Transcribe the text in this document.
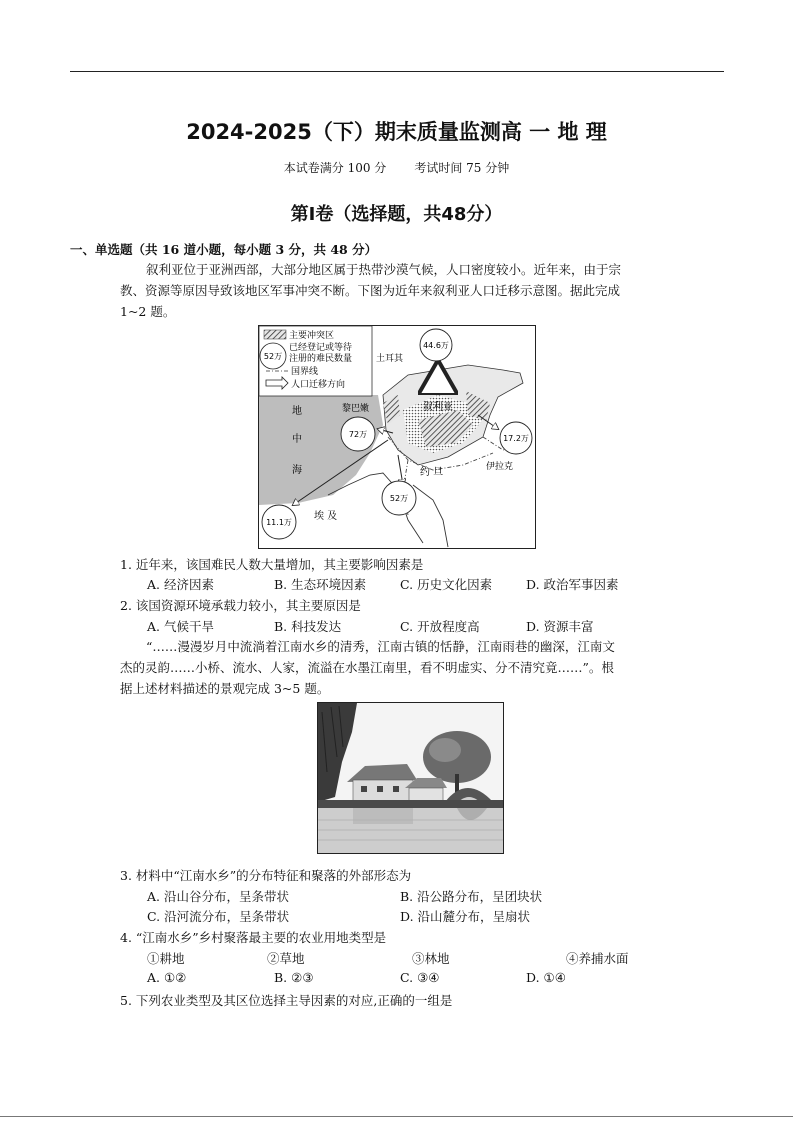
2024-2025（下）期末质量监测高 一 地 理
本试卷满分 100 分 考试时间 75 分钟
第Ⅰ卷（选择题，共48分）
一、单选题（共 16 道小题，每小题 3 分，共 48 分）

叙利亚位于亚洲西部，大部分地区属于热带沙漠气候，人口密度较小。近年来，由于宗

教、资源等原因导致该地区军事冲突不断。下图为近年来叙利亚人口迁移示意图。据此完成

1~2 题。

主要冲突区
52万
已经登记或等待
注册的难民数量
国界线
人口迁移方向
土耳其
叙利亚
黎巴嫩
地
中
海	伊拉克
约 旦
埃 及
44.6万
72万	17.2万
52万
11.1万
1. 近年来，该国难民人数大量增加，其主要影响因素是
A. 经济因素	B. 生态环境因素	C. 历史文化因素	D. 政治军事因素
2. 该国资源环境承载力较小，其主要原因是
A. 气候干旱	B. 科技发达	C. 开放程度高	D. 资源丰富

“……漫漫岁月中流淌着江南水乡的清秀，江南古镇的恬静，江南雨巷的幽深，江南文

杰的灵韵……小桥、流水、人家，流溢在水墨江南里，看不明虚实、分不清究竟……”。根

据上述材料描述的景观完成 3~5 题。

3. 材料中“江南水乡”的分布特征和聚落的外部形态为
A. 沿山谷分布，呈条带状	B. 沿公路分布，呈团块状
C. 沿河流分布，呈条带状	D. 沿山麓分布，呈扇状
4. “江南水乡”乡村聚落最主要的农业用地类型是
①耕地	②草地	③林地	④养捕水面
A. ①②	B. ②③	C. ③④	D. ①④
5. 下列农业类型及其区位选择主导因素的对应,正确的一组是
